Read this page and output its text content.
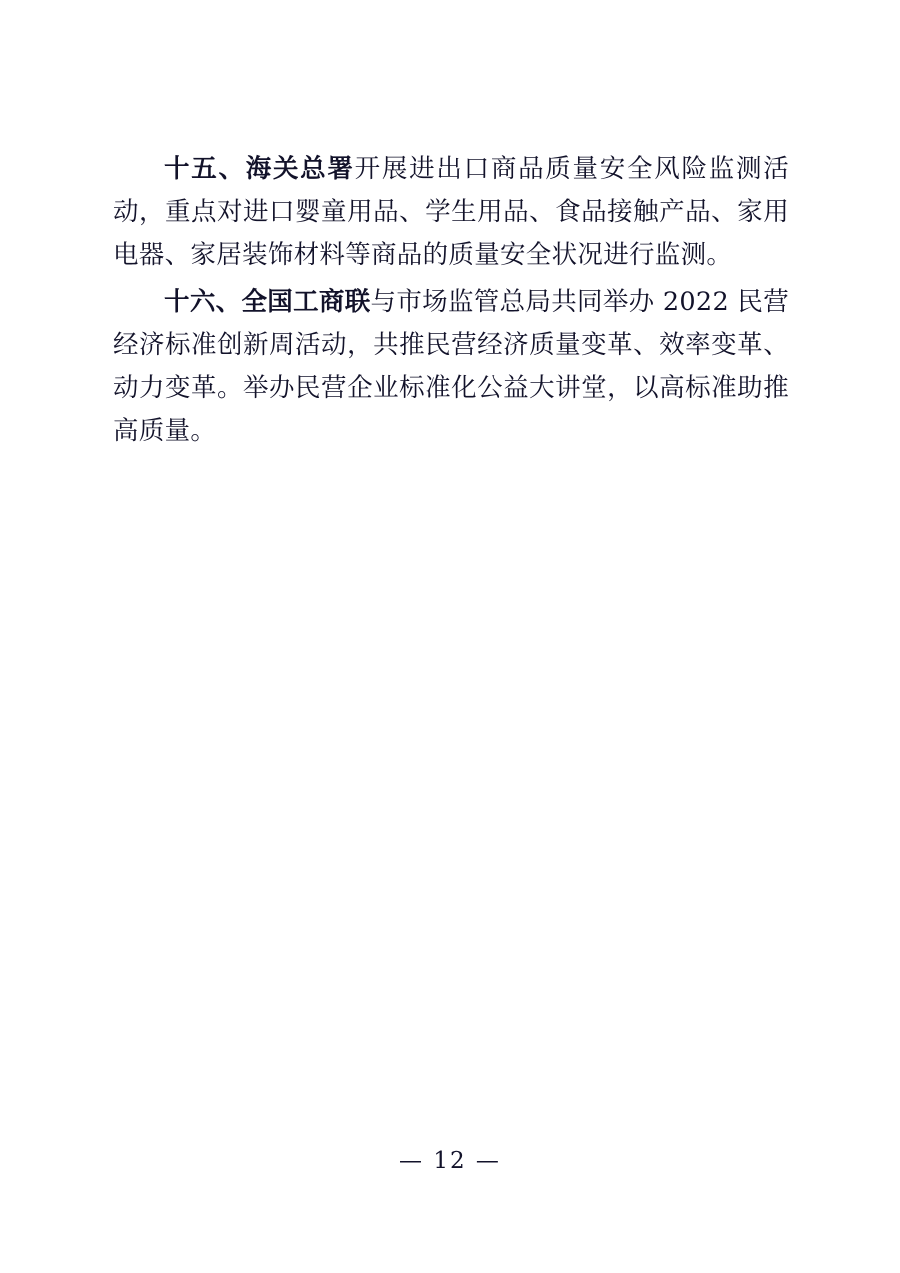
十五、海关总署开展进出口商品质量安全风险监测活动，重点对进口婴童用品、学生用品、食品接触产品、家用电器、家居装饰材料等商品的质量安全状况进行监测。

十六、全国工商联与市场监管总局共同举办 2022 民营经济标准创新周活动，共推民营经济质量变革、效率变革、动力变革。举办民营企业标准化公益大讲堂，以高标准助推高质量。

— 12 —
